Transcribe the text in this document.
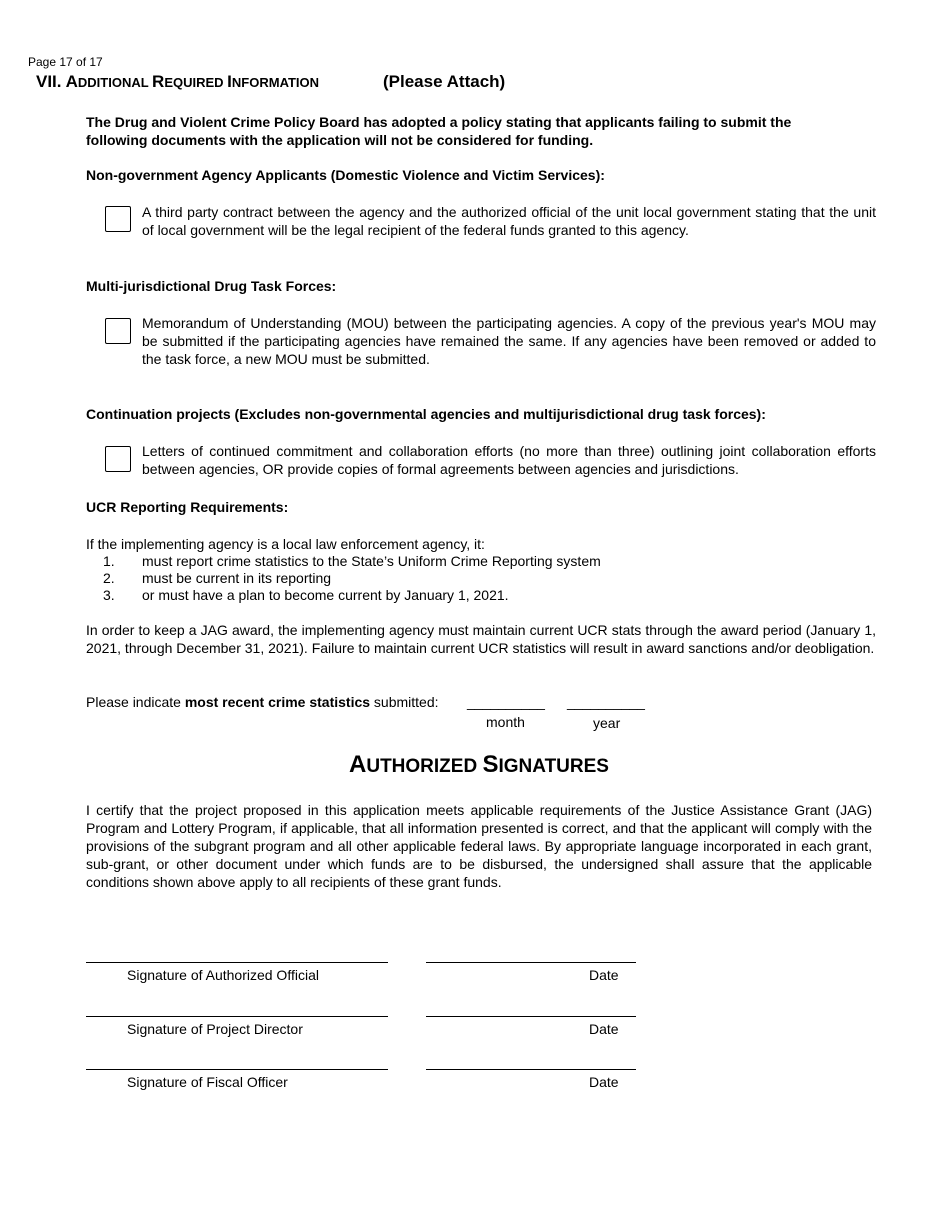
Page 17 of 17
VII. ADDITIONAL REQUIRED INFORMATION	(Please Attach)
The Drug and Violent Crime Policy Board has adopted a policy stating that applicants failing to submit the following documents with the application will not be considered for funding.
Non-government Agency Applicants (Domestic Violence and Victim Services):
A third party contract between the agency and the authorized official of the unit local government stating that the unit of local government will be the legal recipient of the federal funds granted to this agency.
Multi-jurisdictional Drug Task Forces:
Memorandum of Understanding (MOU) between the participating agencies. A copy of the previous year's MOU may be submitted if the participating agencies have remained the same. If any agencies have been removed or added to the task force, a new MOU must be submitted.
Continuation projects (Excludes non-governmental agencies and multijurisdictional drug task forces):
Letters of continued commitment and collaboration efforts (no more than three) outlining joint collaboration efforts between agencies, OR provide copies of formal agreements between agencies and jurisdictions.
UCR Reporting Requirements:
If the implementing agency is a local law enforcement agency, it:
1. must report crime statistics to the State’s Uniform Crime Reporting system
2. must be current in its reporting
3. or must have a plan to become current by January 1, 2021.
In order to keep a JAG award, the implementing agency must maintain current UCR stats through the award period (January 1, 2021, through December 31, 2021). Failure to maintain current UCR statistics will result in award sanctions and/or deobligation.
Please indicate most recent crime statistics submitted: __________ __________
month	year
AUTHORIZED SIGNATURES
I certify that the project proposed in this application meets applicable requirements of the Justice Assistance Grant (JAG) Program and Lottery Program, if applicable, that all information presented is correct, and that the applicant will comply with the provisions of the subgrant program and all other applicable federal laws. By appropriate language incorporated in each grant, sub-grant, or other document under which funds are to be disbursed, the undersigned shall assure that the applicable conditions shown above apply to all recipients of these grant funds.
Signature of Authorized Official	Date
Signature of Project Director	Date
Signature of Fiscal Officer	Date
